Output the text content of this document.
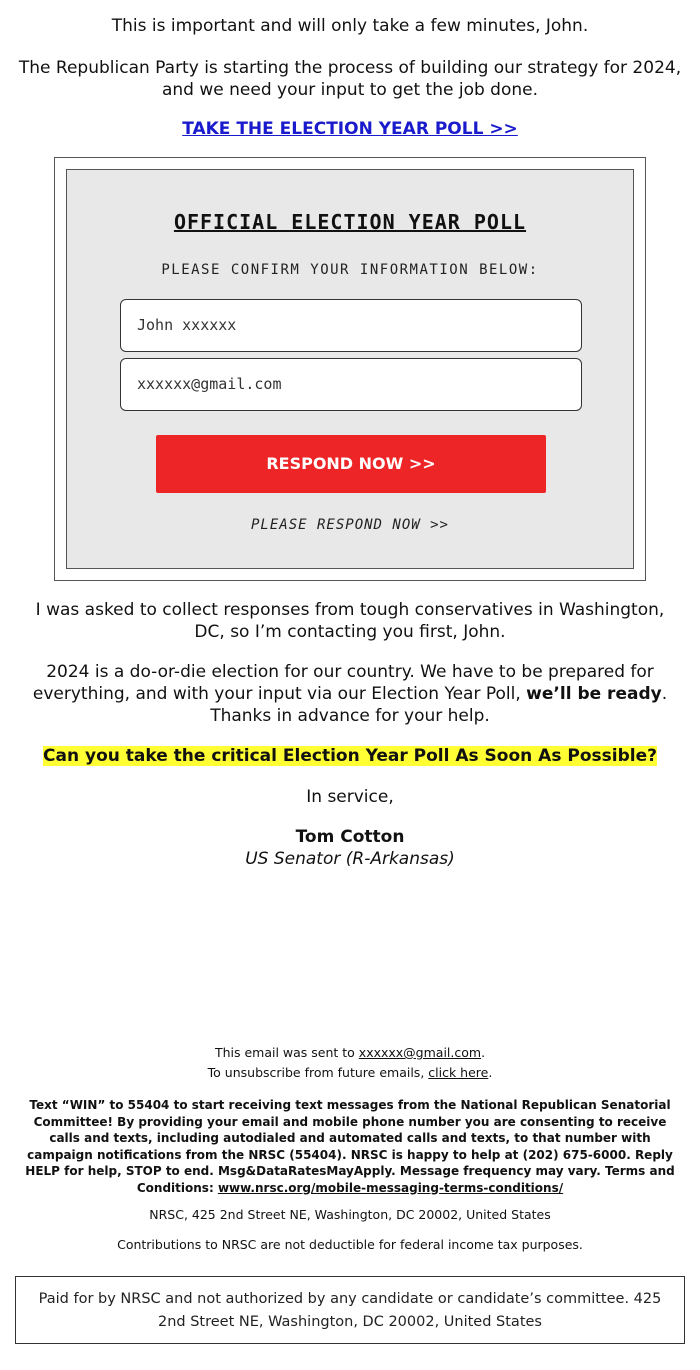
This is important and will only take a few minutes, John.
The Republican Party is starting the process of building our strategy for 2024, and we need your input to get the job done.
TAKE THE ELECTION YEAR POLL >>
OFFICIAL ELECTION YEAR POLL
PLEASE CONFIRM YOUR INFORMATION BELOW:
John xxxxxx
xxxxxx@gmail.com
RESPOND NOW >>
PLEASE RESPOND NOW >>
I was asked to collect responses from tough conservatives in Washington, DC, so I’m contacting you first, John.
2024 is a do-or-die election for our country. We have to be prepared for everything, and with your input via our Election Year Poll, we’ll be ready. Thanks in advance for your help.
Can you take the critical Election Year Poll As Soon As Possible?
In service,
Tom Cotton
US Senator (R-Arkansas)
This email was sent to xxxxxx@gmail.com.
To unsubscribe from future emails, click here.
Text “WIN” to 55404 to start receiving text messages from the National Republican Senatorial Committee! By providing your email and mobile phone number you are consenting to receive calls and texts, including autodialed and automated calls and texts, to that number with campaign notifications from the NRSC (55404). NRSC is happy to help at (202) 675-6000. Reply HELP for help, STOP to end. Msg&DataRatesMayApply. Message frequency may vary. Terms and Conditions: www.nrsc.org/mobile-messaging-terms-conditions/
NRSC, 425 2nd Street NE, Washington, DC 20002, United States
Contributions to NRSC are not deductible for federal income tax purposes.
Paid for by NRSC and not authorized by any candidate or candidate’s committee. 425 2nd Street NE, Washington, DC 20002, United States
